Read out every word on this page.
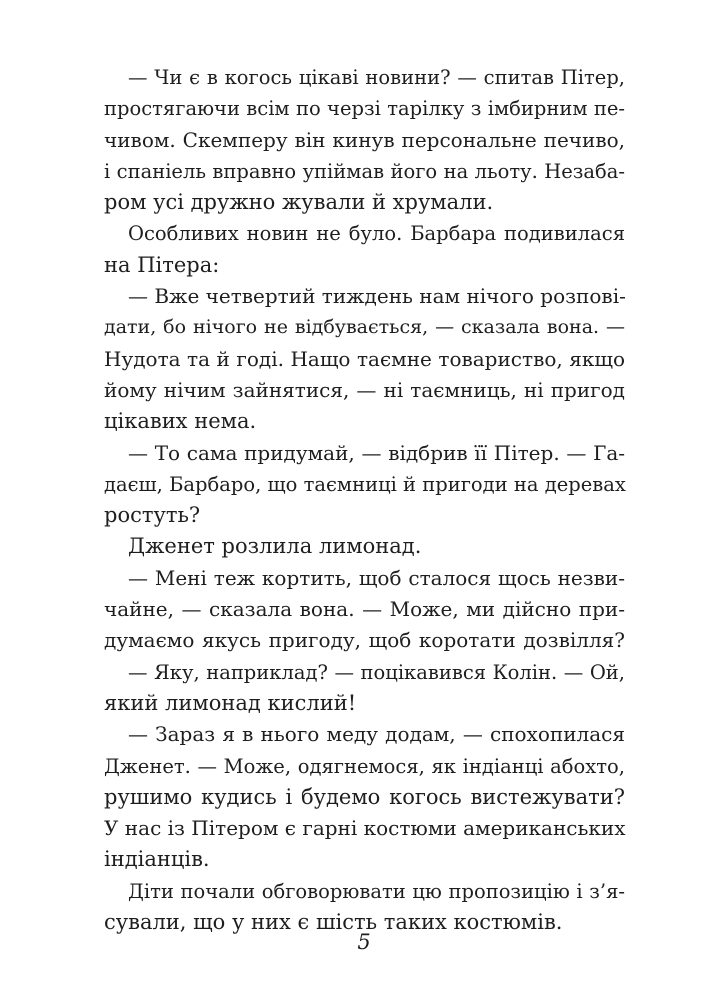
— Чи є в когось цікаві новини? — спитав Пітер,
простягаючи всім по черзі тарілку з імбирним пе-
чивом. Скемперу він кинув персональне печиво,
і спаніель вправно упіймав його на льоту. Незаба-
ром усі дружно жували й хрумали.
Особливих новин не було. Барбара подивилася
на Пітера:
— Вже четвертий тиждень нам нічого розпові-
дати, бо нічого не відбувається, — сказала вона. —
Нудота та й годі. Нащо таємне товариство, якщо
йому нічим зайнятися, — ні таємниць, ні пригод
цікавих нема.
— То сама придумай, — відбрив її Пітер. — Га-
даєш, Барбаро, що таємниці й пригоди на деревах
ростуть?
Дженет розлила лимонад.
— Мені теж кортить, щоб сталося щось незви-
чайне, — сказала вона. — Може, ми дійсно при-
думаємо якусь пригоду, щоб коротати дозвілля?
— Яку, наприклад? — поцікавився Колін. — Ой,
який лимонад кислий!
— Зараз я в нього меду додам, — спохопилася
Дженет. — Може, одягнемося, як індіанці абохто,
рушимо кудись і будемо когось вистежувати?
У нас із Пітером є гарні костюми американських
індіанців.
Діти почали обговорювати цю пропозицію і з’я-
сували, що у них є шість таких костюмів.
5
